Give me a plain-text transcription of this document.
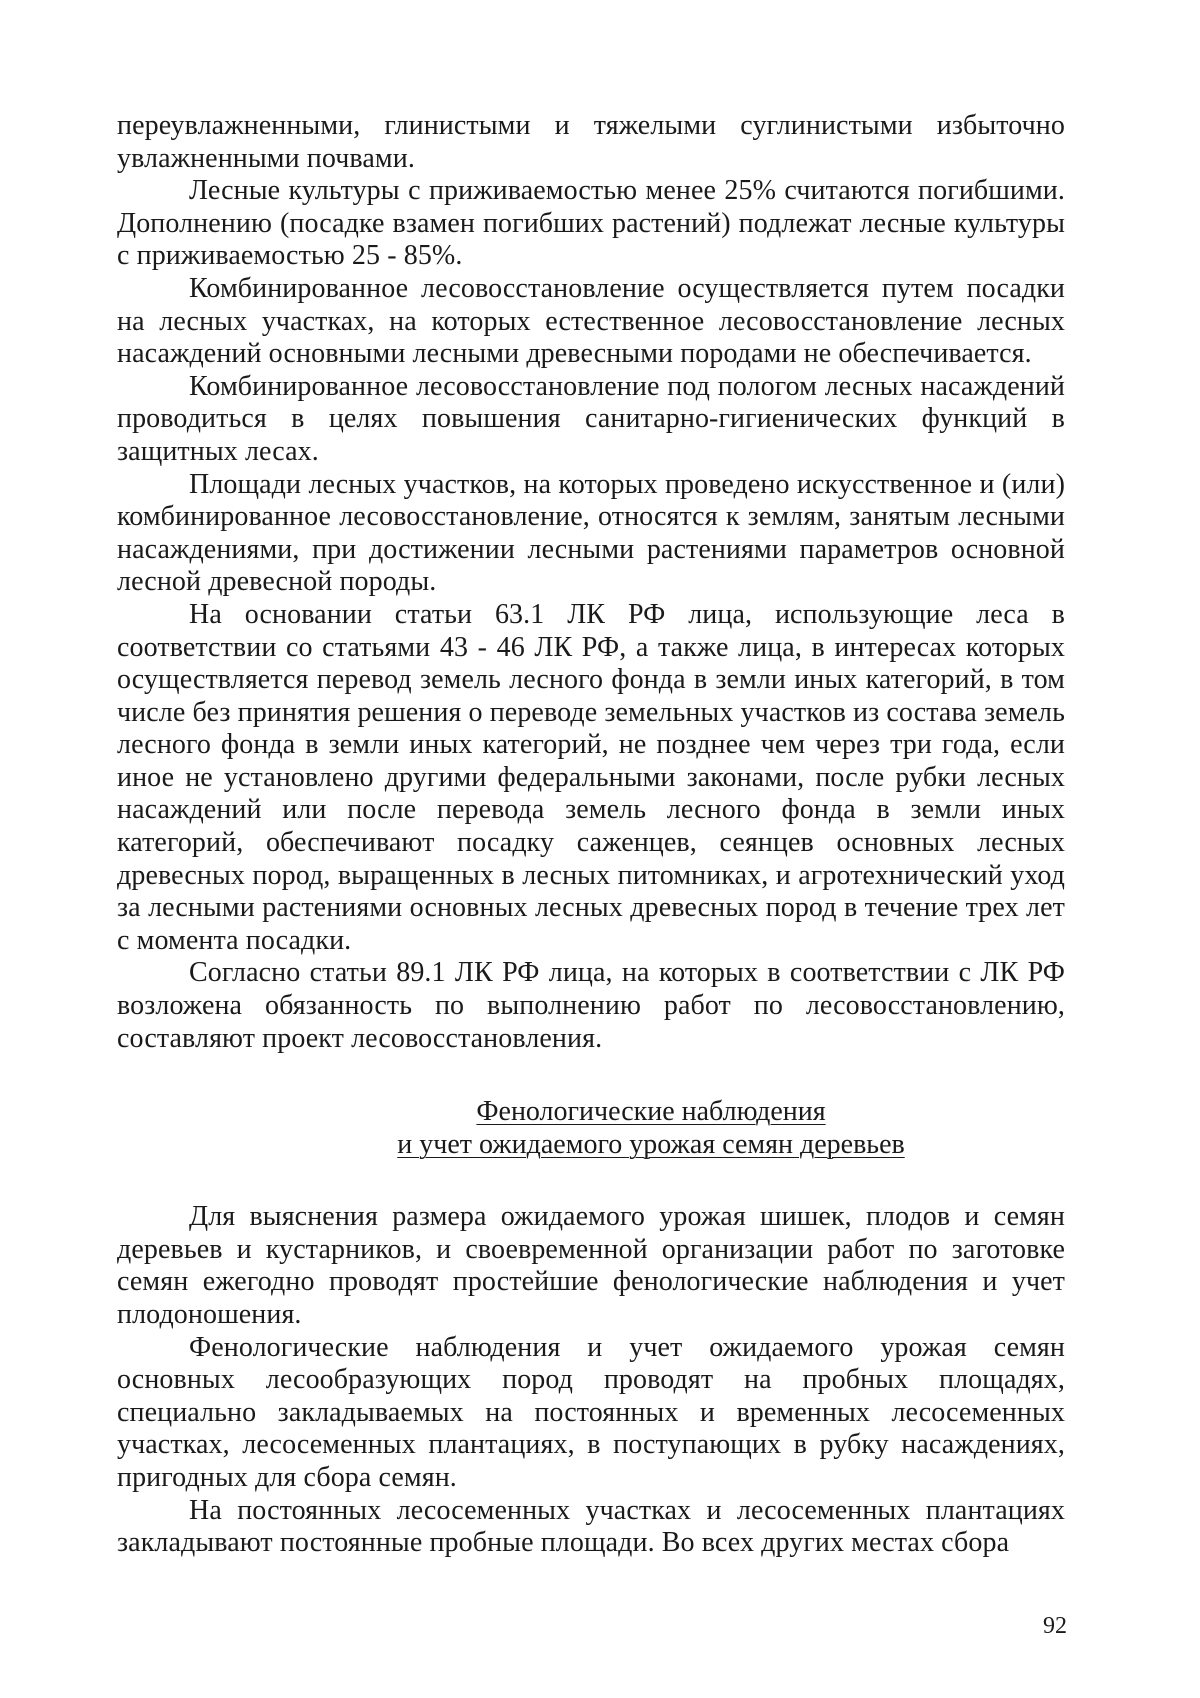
переувлажненными, глинистыми и тяжелыми суглинистыми избыточно увлажненными почвами.

Лесные культуры с приживаемостью менее 25% считаются погибшими. Дополнению (посадке взамен погибших растений) подлежат лесные культуры с приживаемостью 25 - 85%.

Комбинированное лесовосстановление осуществляется путем посадки на лесных участках, на которых естественное лесовосстановление лесных насаждений основными лесными древесными породами не обеспечивается.

Комбинированное лесовосстановление под пологом лесных насаждений проводиться в целях повышения санитарно-гигиенических функций в защитных лесах.

Площади лесных участков, на которых проведено искусственное и (или) комбинированное лесовосстановление, относятся к землям, занятым лесными насаждениями, при достижении лесными растениями параметров основной лесной древесной породы.

На основании статьи 63.1 ЛК РФ лица, использующие леса в соответствии со статьями 43 - 46 ЛК РФ, а также лица, в интересах которых осуществляется перевод земель лесного фонда в земли иных категорий, в том числе без принятия решения о переводе земельных участков из состава земель лесного фонда в земли иных категорий, не позднее чем через три года, если иное не установлено другими федеральными законами, после рубки лесных насаждений или после перевода земель лесного фонда в земли иных категорий, обеспечивают посадку саженцев, сеянцев основных лесных древесных пород, выращенных в лесных питомниках, и агротехнический уход за лесными растениями основных лесных древесных пород в течение трех лет с момента посадки.

Согласно статьи 89.1 ЛК РФ лица, на которых в соответствии с ЛК РФ возложена обязанность по выполнению работ по лесовосстановлению, составляют проект лесовосстановления.

Фенологические наблюдения
и учет ожидаемого урожая семян деревьев

Для выяснения размера ожидаемого урожая шишек, плодов и семян деревьев и кустарников, и своевременной организации работ по заготовке семян ежегодно проводят простейшие фенологические наблюдения и учет плодоношения.

Фенологические наблюдения и учет ожидаемого урожая семян основных лесообразующих пород проводят на пробных площадях, специально закладываемых на постоянных и временных лесосеменных участках, лесосеменных плантациях, в поступающих в рубку насаждениях, пригодных для сбора семян.

На постоянных лесосеменных участках и лесосеменных плантациях закладывают постоянные пробные площади. Во всех других местах сбора

92
